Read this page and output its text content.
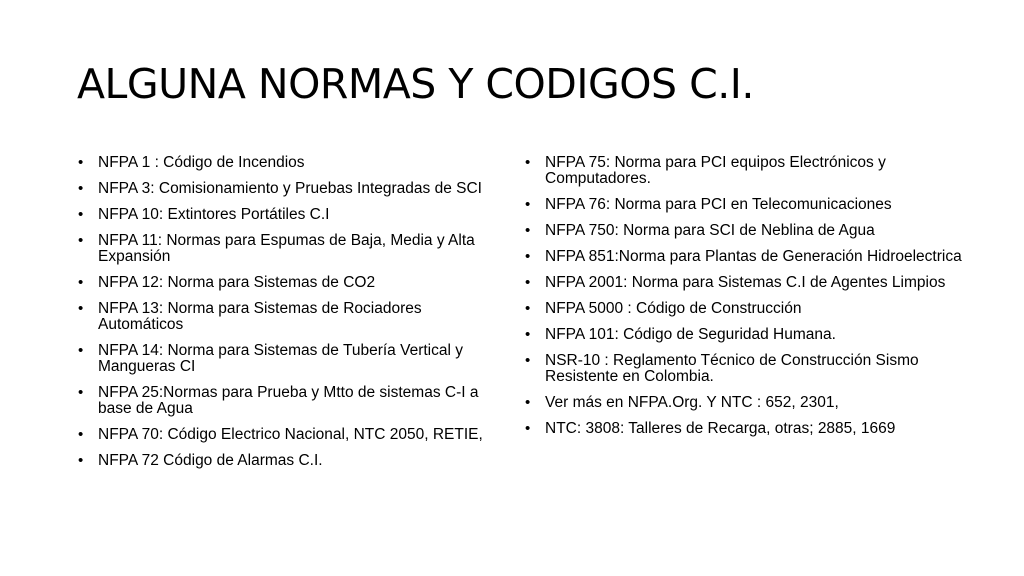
ALGUNA NORMAS Y CODIGOS C.I.
• NFPA 1 : Código de Incendios
• NFPA 3: Comisionamiento y Pruebas Integradas de SCI
• NFPA 10: Extintores Portátiles C.I
• NFPA 11: Normas para Espumas de Baja, Media y Alta Expansión
• NFPA 12: Norma para Sistemas de CO2
• NFPA 13: Norma para Sistemas de Rociadores Automáticos
• NFPA 14: Norma para Sistemas de Tubería Vertical y Mangueras CI
• NFPA 25:Normas para Prueba y Mtto de sistemas C-I a base de Agua
• NFPA 70: Código Electrico Nacional, NTC 2050, RETIE,
• NFPA 72 Código de Alarmas C.I.
• NFPA 75: Norma para PCI equipos Electrónicos y Computadores.
• NFPA 76: Norma para PCI en Telecomunicaciones
• NFPA 750: Norma para SCI de Neblina de Agua
• NFPA 851:Norma para Plantas de Generación Hidroelectrica
• NFPA 2001: Norma para Sistemas C.I de Agentes Limpios
• NFPA 5000 : Código de Construcción
• NFPA 101: Código de Seguridad Humana.
• NSR-10 : Reglamento Técnico de Construcción Sismo Resistente en Colombia.
• Ver más en NFPA.Org. Y NTC : 652, 2301,
• NTC: 3808: Talleres de Recarga, otras; 2885, 1669
